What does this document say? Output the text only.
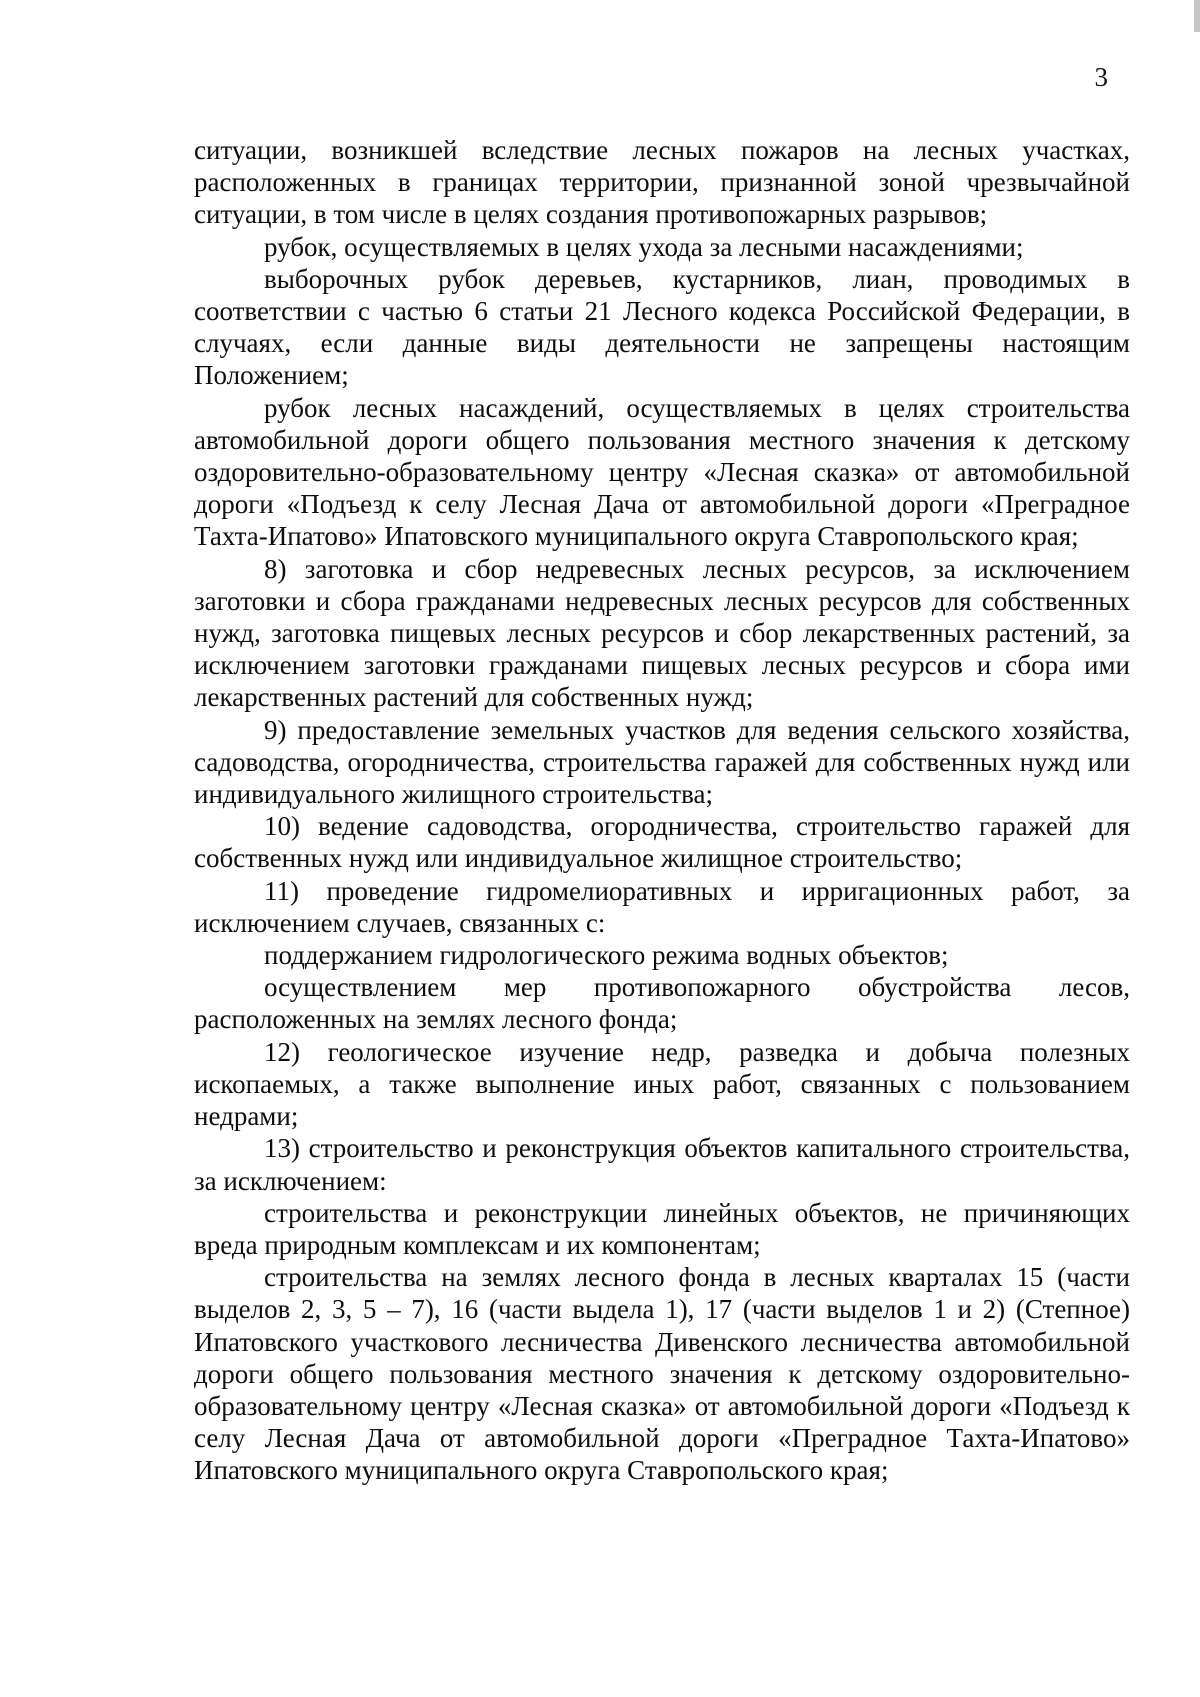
3

ситуации, возникшей вследствие лесных пожаров на лесных участках, расположенных в границах территории, признанной зоной чрезвычайной ситуации, в том числе в целях создания противопожарных разрывов;

рубок, осуществляемых в целях ухода за лесными насаждениями;

выборочных рубок деревьев, кустарников, лиан, проводимых в соответствии с частью 6 статьи 21 Лесного кодекса Российской Федерации, в случаях, если данные виды деятельности не запрещены настоящим Положением;

рубок лесных насаждений, осуществляемых в целях строительства автомобильной дороги общего пользования местного значения к детскому оздоровительно-образовательному центру «Лесная сказка» от автомобильной дороги «Подъезд к селу Лесная Дача от автомобильной дороги «Преградное Тахта-Ипатово» Ипатовского муниципального округа Ставропольского края;

8) заготовка и сбор недревесных лесных ресурсов, за исключением заготовки и сбора гражданами недревесных лесных ресурсов для собственных нужд, заготовка пищевых лесных ресурсов и сбор лекарственных растений, за исключением заготовки гражданами пищевых лесных ресурсов и сбора ими лекарственных растений для собственных нужд;

9) предоставление земельных участков для ведения сельского хозяйства, садоводства, огородничества, строительства гаражей для собственных нужд или индивидуального жилищного строительства;

10) ведение садоводства, огородничества, строительство гаражей для собственных нужд или индивидуальное жилищное строительство;

11) проведение гидромелиоративных и ирригационных работ, за исключением случаев, связанных с:

поддержанием гидрологического режима водных объектов;

осуществлением мер противопожарного обустройства лесов, расположенных на землях лесного фонда;

12) геологическое изучение недр, разведка и добыча полезных ископаемых, а также выполнение иных работ, связанных с пользованием недрами;

13) строительство и реконструкция объектов капитального строительства, за исключением:

строительства и реконструкции линейных объектов, не причиняющих вреда природным комплексам и их компонентам;

строительства на землях лесного фонда в лесных кварталах 15 (части выделов 2, 3, 5 – 7), 16 (части выдела 1), 17 (части выделов 1 и 2) (Степное) Ипатовского участкового лесничества Дивенского лесничества автомобильной дороги общего пользования местного значения к детскому оздоровительно-образовательному центру «Лесная сказка» от автомобильной дороги «Подъезд к селу Лесная Дача от автомобильной дороги «Преградное Тахта-Ипатово» Ипатовского муниципального округа Ставропольского края;
